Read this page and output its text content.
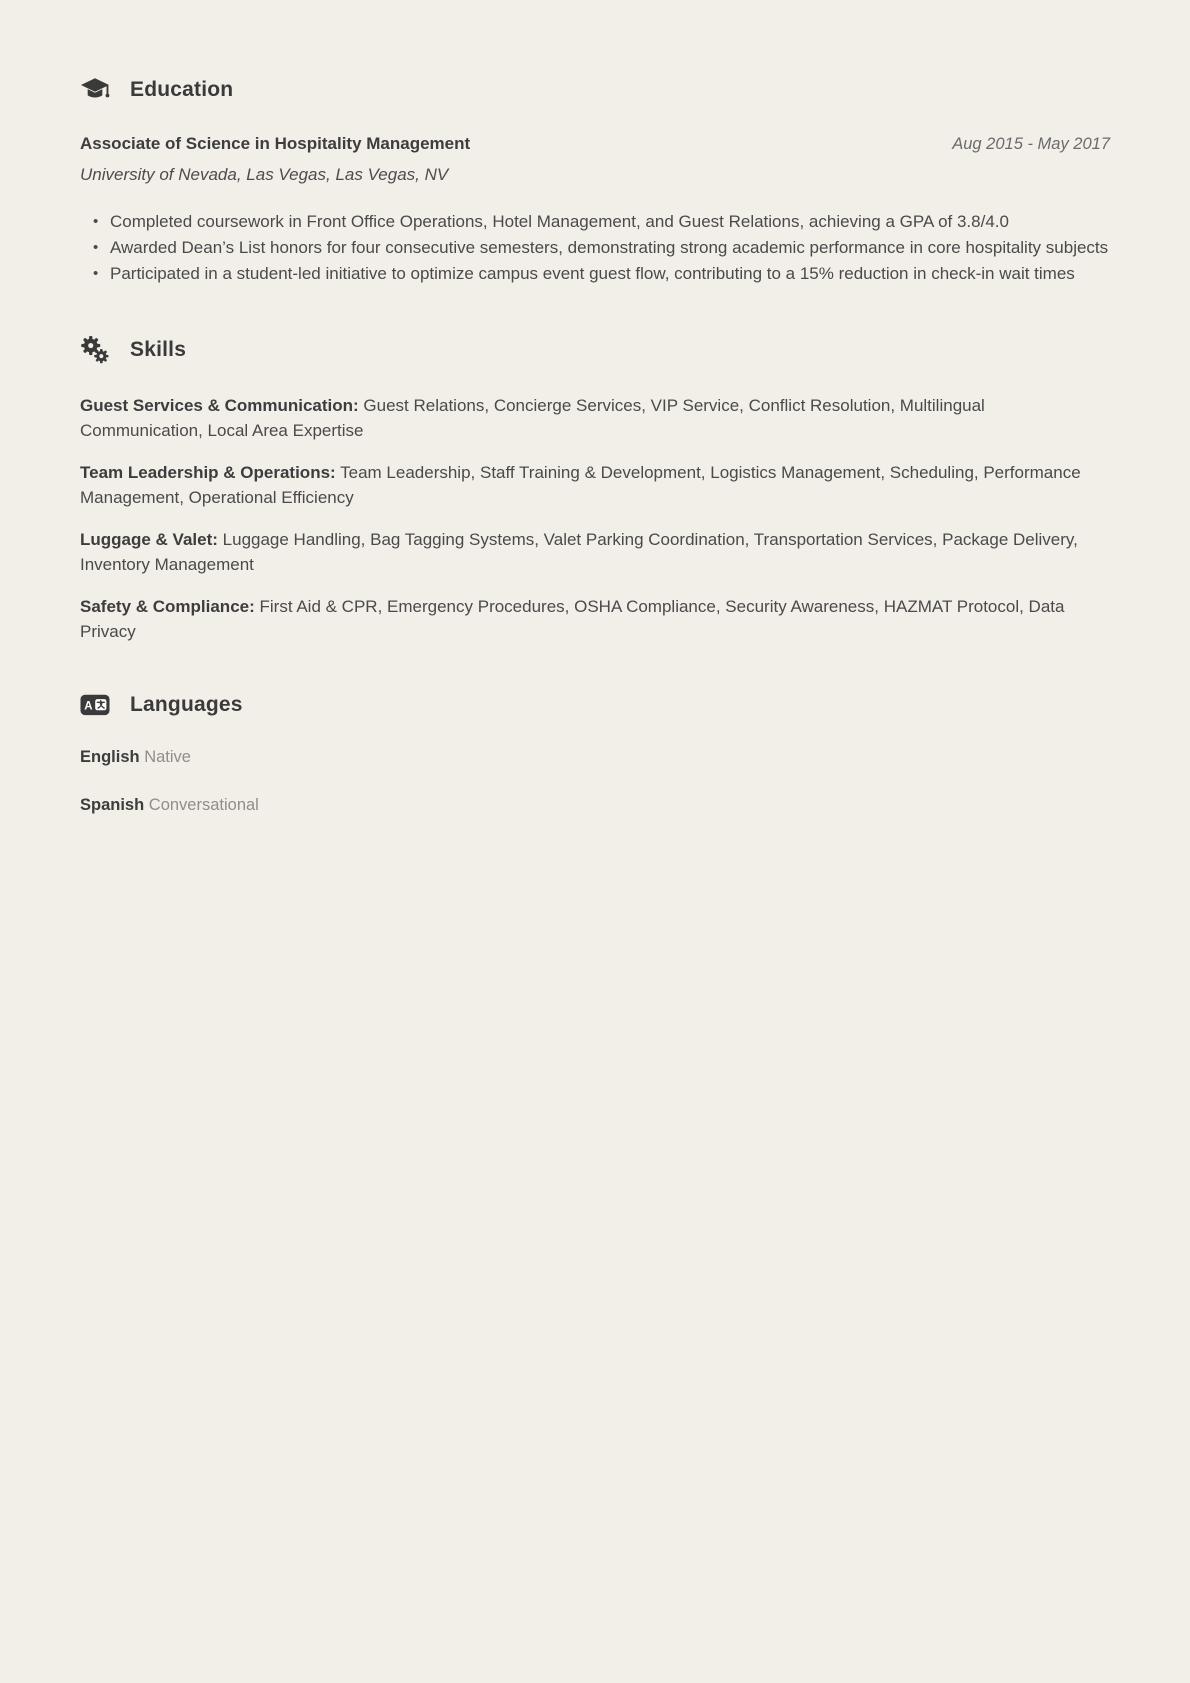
Education
Associate of Science in Hospitality Management	Aug 2015 - May 2017
University of Nevada, Las Vegas, Las Vegas, NV
• Completed coursework in Front Office Operations, Hotel Management, and Guest Relations, achieving a GPA of 3.8/4.0
• Awarded Dean’s List honors for four consecutive semesters, demonstrating strong academic performance in core hospitality subjects
• Participated in a student-led initiative to optimize campus event guest flow, contributing to a 15% reduction in check-in wait times
Skills

Guest Services & Communication: Guest Relations, Concierge Services, VIP Service, Conflict Resolution, Multilingual Communication, Local Area Expertise

Team Leadership & Operations: Team Leadership, Staff Training & Development, Logistics Management, Scheduling, Performance Management, Operational Efficiency

Luggage & Valet: Luggage Handling, Bag Tagging Systems, Valet Parking Coordination, Transportation Services, Package Delivery, Inventory Management

Safety & Compliance: First Aid & CPR, Emergency Procedures, OSHA Compliance, Security Awareness, HAZMAT Protocol, Data Privacy

A Languages

English Native

Spanish Conversational
